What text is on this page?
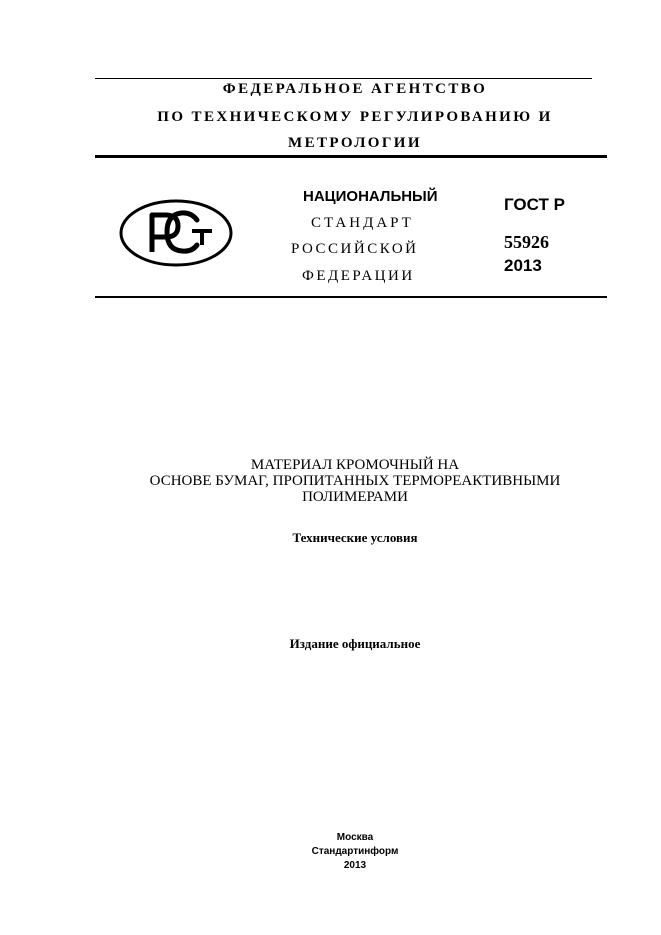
ФЕДЕРАЛЬНОЕ АГЕНТСТВО
ПО ТЕХНИЧЕСКОМУ РЕГУЛИРОВАНИЮ И
МЕТРОЛОГИИ
НАЦИОНАЛЬНЫЙ
СТАНДАРТ
РОССИЙСКОЙ
ФЕДЕРАЦИИ
ГОСТ Р
55926
2013
МАТЕРИАЛ КРОМОЧНЫЙ НА
ОСНОВЕ БУМАГ, ПРОПИТАННЫХ ТЕРМОРЕАКТИВНЫМИ
ПОЛИМЕРАМИ
Технические условия
Издание официальное
Москва
Стандартинформ
2013
